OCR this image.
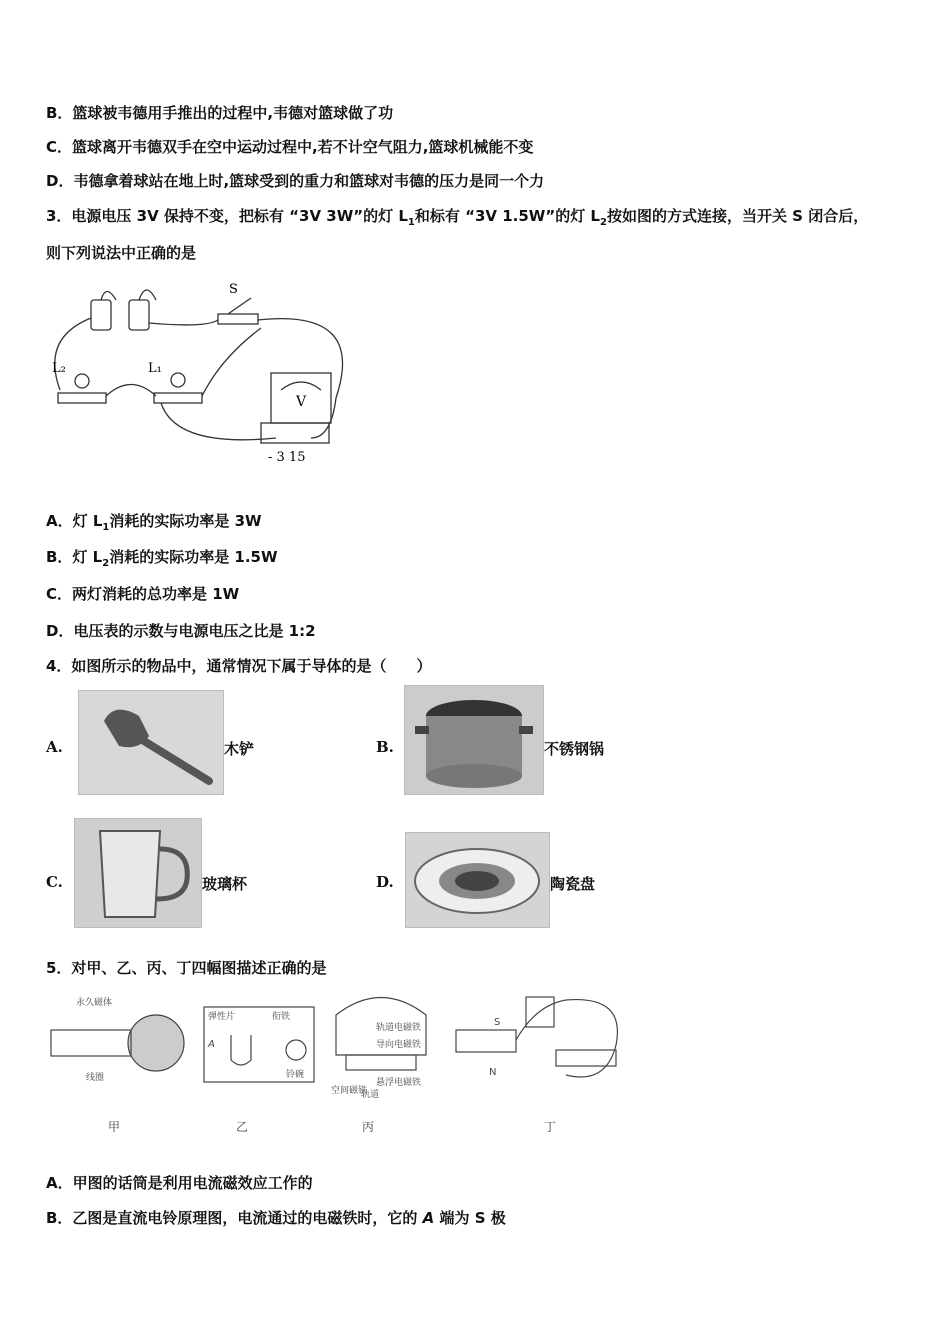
B．篮球被韦德用手推出的过程中,韦德对篮球做了功
C．篮球离开韦德双手在空中运动过程中,若不计空气阻力,篮球机械能不变
D．韦德拿着球站在地上时,篮球受到的重力和篮球对韦德的压力是同一个力
3．电源电压 3V 保持不变，把标有 “3V 3W”的灯 $L_1$和标有 “3V 1.5W”的灯 $L_2$按如图的方式连接，当开关 S 闭合后，
则下列说法中正确的是
S
L₂	L₁
V
- 3 15
A．灯 $L_1$消耗的实际功率是 3W
B．灯 $L_2$消耗的实际功率是 1.5W
C．两灯消耗的总功率是 1W
D．电压表的示数与电源电压之比是 1:2
4．如图所示的物品中，通常情况下属于导体的是（　　）
A.	木铲	B.	不锈钢锅
C.	玻璃杯	D.	陶瓷盘
5．对甲、乙、丙、丁四幅图描述正确的是
永久磁体
线圈
弹性片	衔铁
铃碗
A
轨道电磁铁
导向电磁铁
悬浮电磁铁
空间磁铁
轨道
S
N
甲	乙	丙	丁
A．甲图的话筒是利用电流磁效应工作的
B．乙图是直流电铃原理图，电流通过的电磁铁时，它的 A 端为 S 极
